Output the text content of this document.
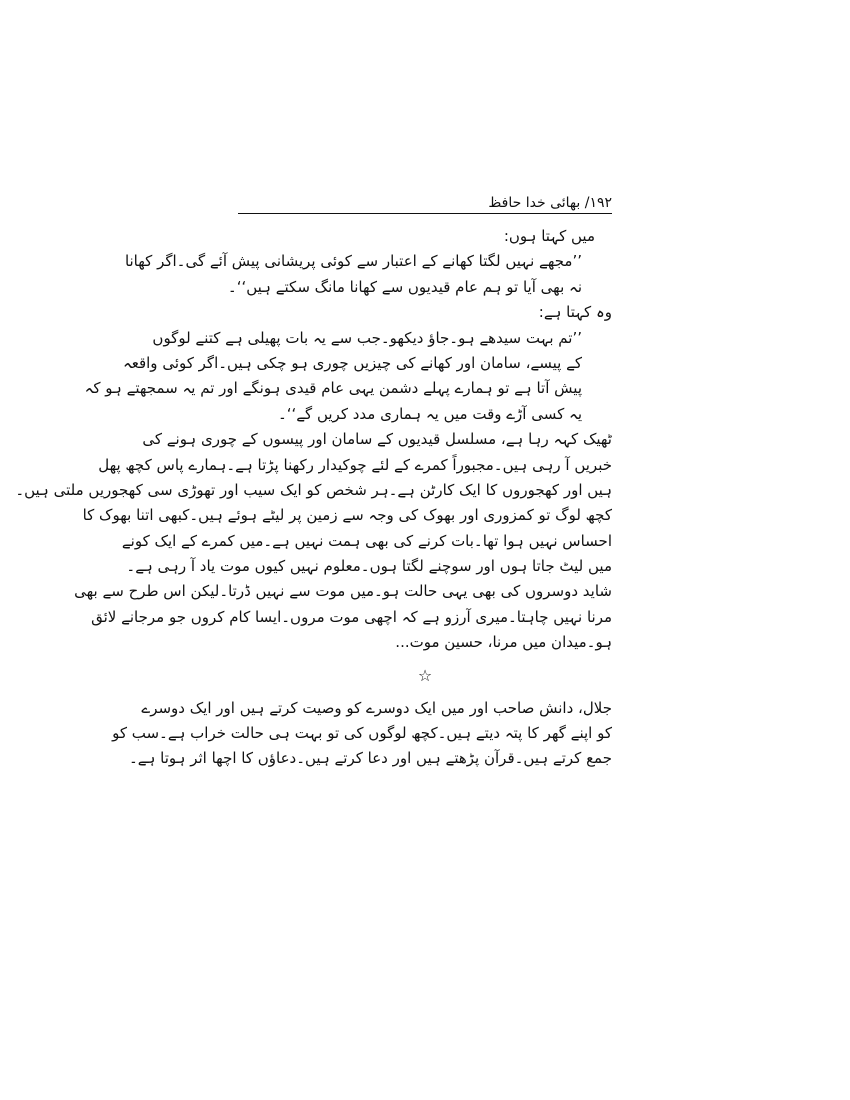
۱۹۲/ بھائی خدا حافظ
میں کہتا ہوں:
’’مجھے نہیں لگتا کھانے کے اعتبار سے کوئی پریشانی پیش آئے گی۔اگر کھانا
نہ بھی آیا تو ہم عام قیدیوں سے کھانا مانگ سکتے ہیں‘‘۔
وہ کہتا ہے:
’’تم بہت سیدھے ہو۔جاؤ دیکھو۔جب سے یہ بات پھیلی ہے کتنے لوگوں
کے پیسے، سامان اور کھانے کی چیزیں چوری ہو چکی ہیں۔اگر کوئی واقعہ
پیش آتا ہے تو ہمارے پہلے دشمن یہی عام قیدی ہونگے اور تم یہ سمجھتے ہو کہ
یہ کسی آڑے وقت میں یہ ہماری مدد کریں گے‘‘۔
ٹھیک کہہ رہا ہے، مسلسل قیدیوں کے سامان اور پیسوں کے چوری ہونے کی
خبریں آ رہی ہیں۔مجبوراً کمرے کے لئے چوکیدار رکھنا پڑتا ہے۔ہمارے پاس کچھ پھل
ہیں اور کھجوروں کا ایک کارٹن ہے۔ہر شخص کو ایک سیب اور تھوڑی سی کھجوریں ملتی ہیں۔
کچھ لوگ تو کمزوری اور بھوک کی وجہ سے زمین پر لیٹے ہوئے ہیں۔کبھی اتنا بھوک کا
احساس نہیں ہوا تھا۔بات کرنے کی بھی ہمت نہیں ہے۔میں کمرے کے ایک کونے
میں لیٹ جاتا ہوں اور سوچنے لگتا ہوں۔معلوم نہیں کیوں موت یاد آ رہی ہے۔
شاید دوسروں کی بھی یہی حالت ہو۔میں موت سے نہیں ڈرتا۔لیکن اس طرح سے بھی
مرنا نہیں چاہتا۔میری آرزو ہے کہ اچھی موت مروں۔ایسا کام کروں جو مرجانے لائق
ہو۔میدان میں مرنا، حسین موت...
☆
جلال، دانش صاحب اور میں ایک دوسرے کو وصیت کرتے ہیں اور ایک دوسرے
کو اپنے گھر کا پتہ دیتے ہیں۔کچھ لوگوں کی تو بہت ہی حالت خراب ہے۔سب کو
جمع کرتے ہیں۔قرآن پڑھتے ہیں اور دعا کرتے ہیں۔دعاؤں کا اچھا اثر ہوتا ہے۔
